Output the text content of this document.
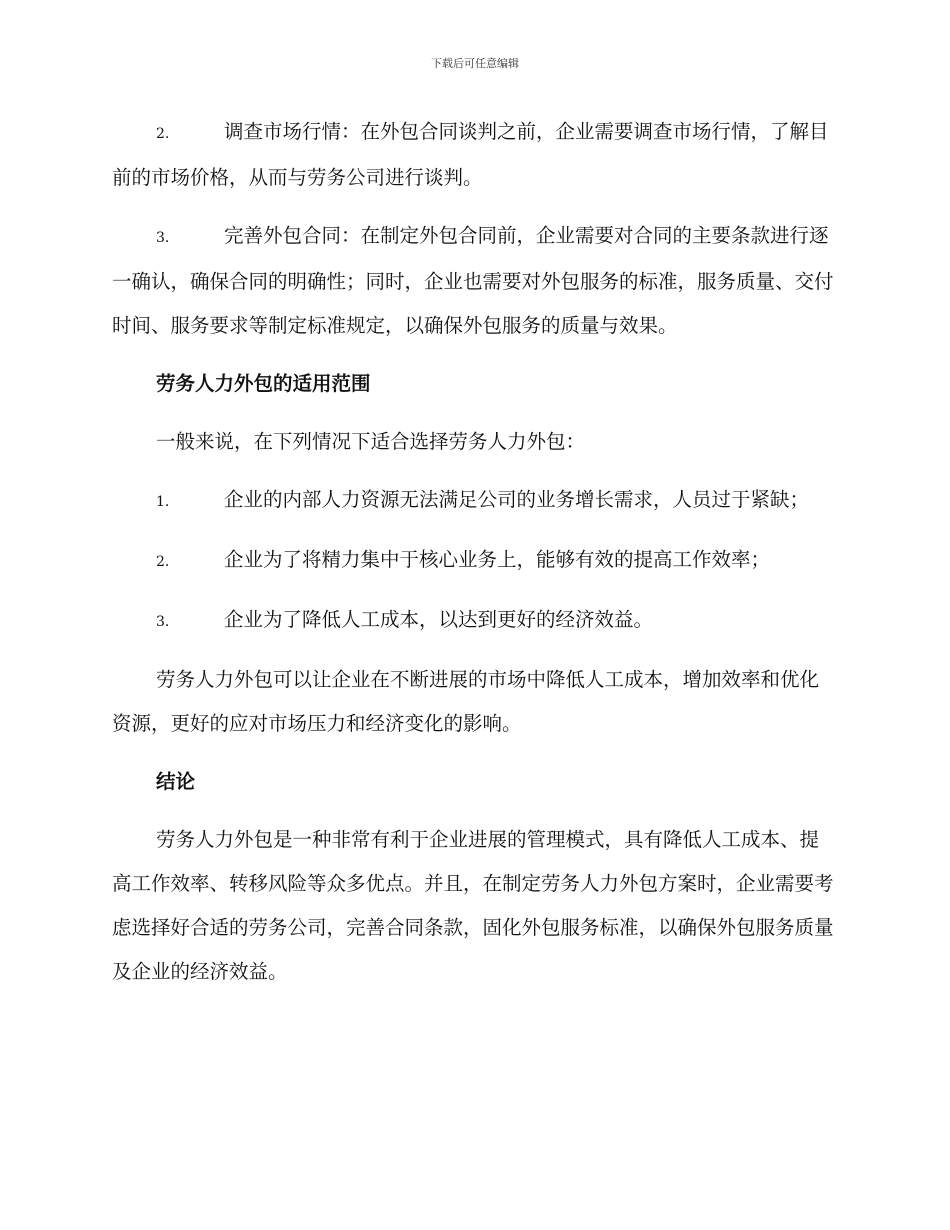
下载后可任意编辑

2.	调查市场行情：在外包合同谈判之前，企业需要调查市场行情，了解目前的市场价格，从而与劳务公司进行谈判。

3.	完善外包合同：在制定外包合同前，企业需要对合同的主要条款进行逐一确认，确保合同的明确性；同时，企业也需要对外包服务的标准，服务质量、交付时间、服务要求等制定标准规定，以确保外包服务的质量与效果。

劳务人力外包的适用范围

一般来说，在下列情况下适合选择劳务人力外包：

1.	企业的内部人力资源无法满足公司的业务增长需求，人员过于紧缺；

2.	企业为了将精力集中于核心业务上，能够有效的提高工作效率；

3.	企业为了降低人工成本，以达到更好的经济效益。

劳务人力外包可以让企业在不断进展的市场中降低人工成本，增加效率和优化资源，更好的应对市场压力和经济变化的影响。

结论

劳务人力外包是一种非常有利于企业进展的管理模式，具有降低人工成本、提高工作效率、转移风险等众多优点。并且，在制定劳务人力外包方案时，企业需要考虑选择好合适的劳务公司，完善合同条款，固化外包服务标准，以确保外包服务质量及企业的经济效益。
